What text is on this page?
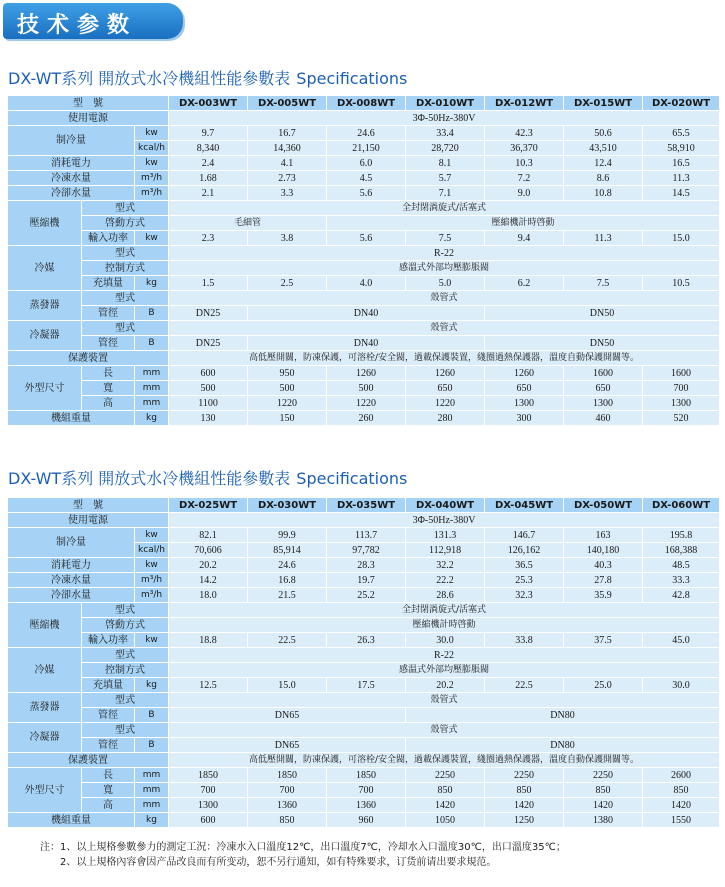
技术参数
DX-WT系列 開放式水冷機組性能參數表 Specifications
型　號			DX-003WT	DX-005WT	DX-008WT	DX-010WT	DX-012WT	DX-015WT	DX-020WT
使用電源			3Φ-50Hz-380V						
制冷量		kw	9.7	16.7	24.6	33.4	42.3	50.6	65.5
		kcal/h	8,340	14,360	21,150	28,720	36,370	43,510	58,910
消耗電力		kw	2.4	4.1	6.0	8.1	10.3	12.4	16.5
冷凍水量		m³/h	1.68	2.73	4.5	5.7	7.2	8.6	11.3
冷卻水量		m³/h	2.1	3.3	5.6	7.1	9.0	10.8	14.5
壓縮機	型式		全封閉渦旋式/活塞式						
	啓動方式		毛細管		壓縮機計時啓動				
	輸入功率	kw	2.3	3.8	5.6	7.5	9.4	11.3	15.0
冷媒	型式		R-22						
	控制方式		感溫式外部均壓膨脹閥						
	充填量	kg	1.5	2.5	4.0	5.0	6.2	7.5	10.5
蒸發器	型式		殼管式						
	管徑	B	DN25	DN40			DN50		
冷凝器	型式		殼管式						
	管徑	B	DN25	DN40			DN50		
保護裝置			高低壓開關，防凍保護，可溶栓/安全閥，過載保護裝置，綫圈過熱保護器，溫度自動保護開關等。						
外型尺寸	長	mm	600	950	1260	1260	1260	1600	1600
	寬	mm	500	500	500	650	650	650	700
	高	mm	1100	1220	1220	1220	1300	1300	1300
機組重量		kg	130	150	260	280	300	460	520
DX-WT系列 開放式水冷機組性能參數表 Specifications
型　號			DX-025WT	DX-030WT	DX-035WT	DX-040WT	DX-045WT	DX-050WT	DX-060WT
使用電源			3Φ-50Hz-380V						
制冷量		kw	82.1	99.9	113.7	131.3	146.7	163	195.8
		kcal/h	70,606	85,914	97,782	112,918	126,162	140,180	168,388
消耗電力		kw	20.2	24.6	28.3	32.2	36.5	40.3	48.5
冷凍水量		m³/h	14.2	16.8	19.7	22.2	25.3	27.8	33.3
冷卻水量		m³/h	18.0	21.5	25.2	28.6	32.3	35.9	42.8
壓縮機	型式		全封閉渦旋式/活塞式						
	啓動方式		壓縮機計時啓動						
	輸入功率	kw	18.8	22.5	26.3	30.0	33.8	37.5	45.0
冷媒	型式		R-22						
	控制方式		感温式外部均壓膨脹閥						
	充填量	kg	12.5	15.0	17.5	20.2	22.5	25.0	30.0
蒸發器	型式		殼管式						
	管徑	B	DN65			DN80			
冷凝器	型式		殼管式						
	管徑	B	DN65			DN80			
保護裝置			高低壓開關，防凍保護，可溶栓/安全閥，過載保護裝置，綫圈過熱保護器，溫度自動保護開關等。						
外型尺寸	長	mm	1850	1850	1850	2250	2250	2250	2600
	寬	mm	700	700	700	850	850	850	850
	高	mm	1300	1360	1360	1420	1420	1420	1420
機組重量		kg	600	850	960	1050	1250	1380	1550
注：1、以上規格參數參力的測定工況：冷凍水入口溫度12℃，出口溫度7℃，冷却水入口溫度30℃，出口溫度35℃；
2、以上規格內容會因产品改良而有所变动，恕不另行通知，如有特殊要求，订货前请出要求規范。
